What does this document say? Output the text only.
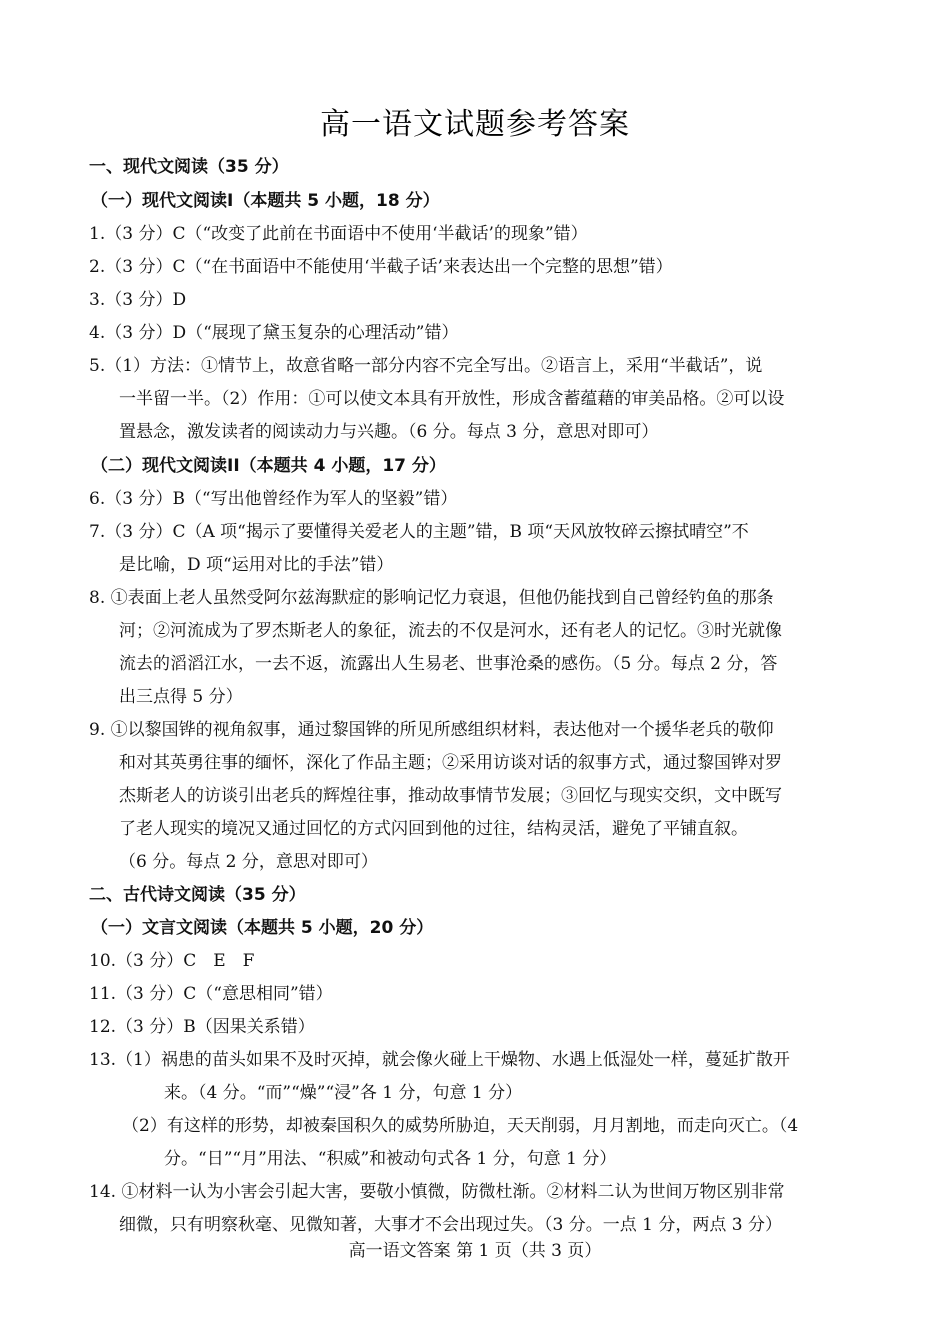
高一语文试题参考答案
一、现代文阅读（35 分）
（一）现代文阅读I（本题共 5 小题，18 分）
1.（3 分）C（“改变了此前在书面语中不使用‘半截话’的现象”错）
2.（3 分）C（“在书面语中不能使用‘半截子话’来表达出一个完整的思想”错）
3.（3 分）D
4.（3 分）D（“展现了黛玉复杂的心理活动”错）
5.（1）方法：①情节上，故意省略一部分内容不完全写出。②语言上，采用“半截话”，说
一半留一半。（2）作用：①可以使文本具有开放性，形成含蓄蕴藉的审美品格。②可以设
置悬念，激发读者的阅读动力与兴趣。（6 分。每点 3 分，意思对即可）
（二）现代文阅读II（本题共 4 小题，17 分）
6.（3 分）B（“写出他曾经作为军人的坚毅”错）
7.（3 分）C（A 项“揭示了要懂得关爱老人的主题”错，B 项“天风放牧碎云擦拭晴空”不
是比喻，D 项“运用对比的手法”错）
8. ①表面上老人虽然受阿尔兹海默症的影响记忆力衰退，但他仍能找到自己曾经钓鱼的那条
河；②河流成为了罗杰斯老人的象征，流去的不仅是河水，还有老人的记忆。③时光就像
流去的滔滔江水，一去不返，流露出人生易老、世事沧桑的感伤。（5 分。每点 2 分，答
出三点得 5 分）
9. ①以黎国铧的视角叙事，通过黎国铧的所见所感组织材料，表达他对一个援华老兵的敬仰
和对其英勇往事的缅怀，深化了作品主题；②采用访谈对话的叙事方式，通过黎国铧对罗
杰斯老人的访谈引出老兵的辉煌往事，推动故事情节发展；③回忆与现实交织，文中既写
了老人现实的境况又通过回忆的方式闪回到他的过往，结构灵活，避免了平铺直叙。
（6 分。每点 2 分，意思对即可）
二、古代诗文阅读（35 分）
（一）文言文阅读（本题共 5 小题，20 分）
10.（3 分）C　E　F
11.（3 分）C（“意思相同”错）
12.（3 分）B（因果关系错）
13.（1）祸患的苗头如果不及时灭掉，就会像火碰上干燥物、水遇上低湿处一样，蔓延扩散开
来。（4 分。“而”“燥”“浸”各 1 分，句意 1 分）
（2）有这样的形势，却被秦国积久的威势所胁迫，天天削弱，月月割地，而走向灭亡。（4
分。“日”“月”用法、“积威”和被动句式各 1 分，句意 1 分）
14. ①材料一认为小害会引起大害，要敬小慎微，防微杜渐。②材料二认为世间万物区别非常
细微，只有明察秋毫、见微知著，大事才不会出现过失。（3 分。一点 1 分，两点 3 分）
高一语文答案 第 1 页（共 3 页）
